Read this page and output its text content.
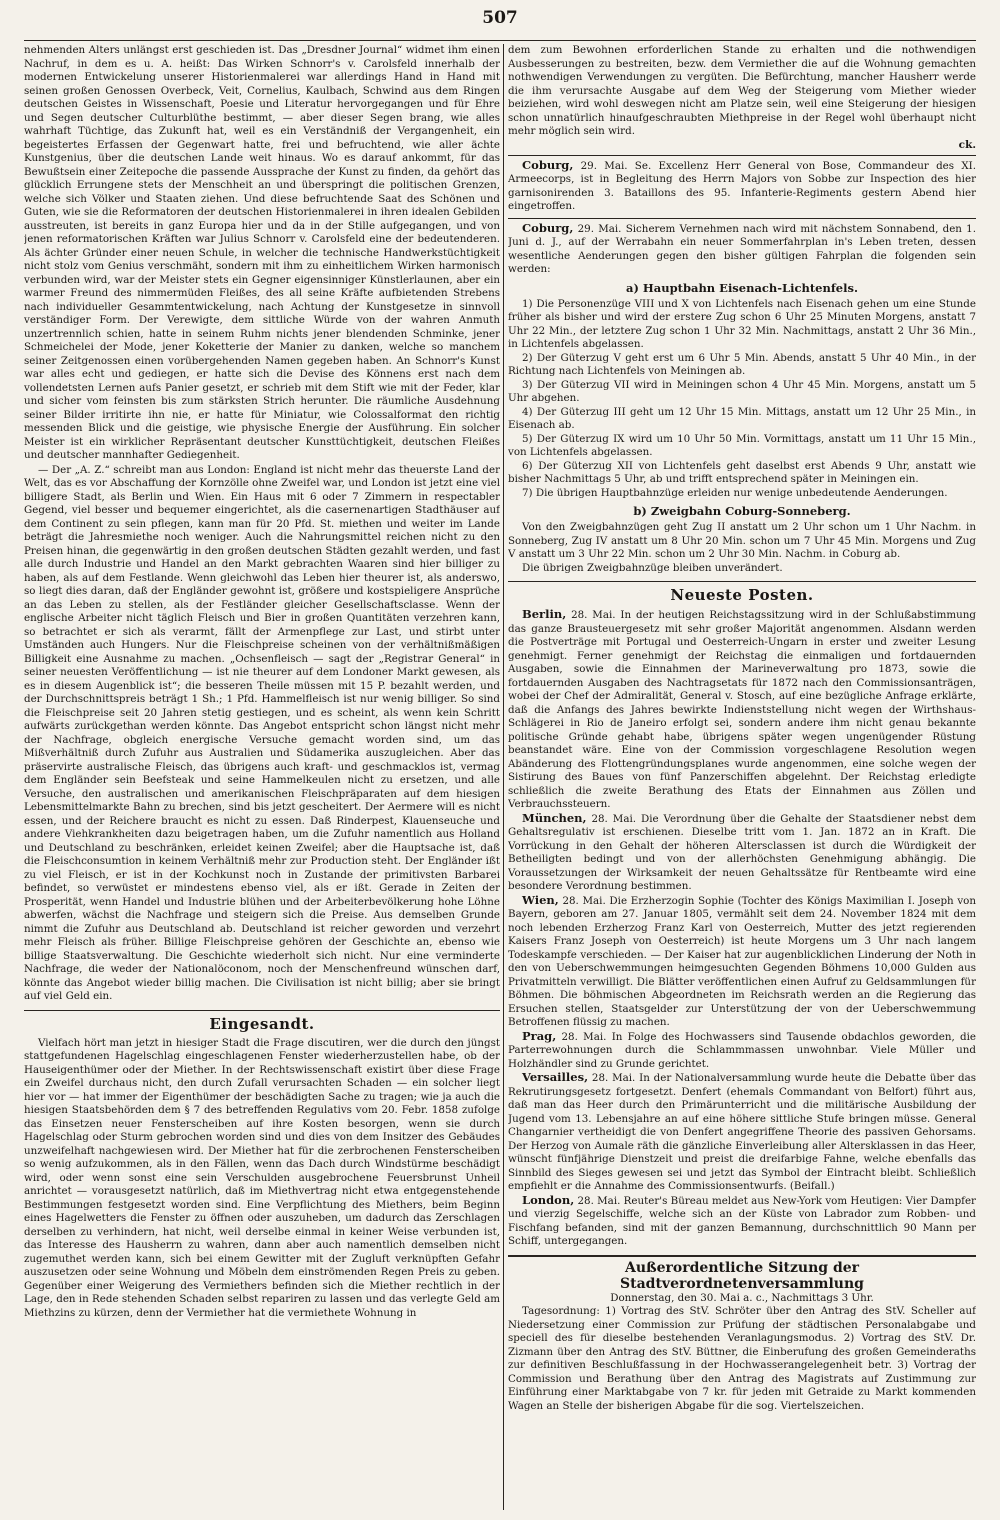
507

nehmenden Alters unlängst erst geschieden ist. Das „Dresdner Journal“ widmet ihm einen Nachruf, in dem es u. A. heißt: Das Wirken Schnorr's v. Carolsfeld innerhalb der modernen Entwickelung unserer Historienmalerei war allerdings Hand in Hand mit seinen großen Genossen Overbeck, Veit, Cornelius, Kaulbach, Schwind aus dem Ringen deutschen Geistes in Wissenschaft, Poesie und Literatur hervorgegangen und für Ehre und Segen deutscher Culturblüthe bestimmt, — aber dieser Segen brang, wie alles wahrhaft Tüchtige, das Zukunft hat, weil es ein Verständniß der Vergangenheit, ein begeistertes Erfassen der Gegenwart hatte, frei und befruchtend, wie aller ächte Kunstgenius, über die deutschen Lande weit hinaus. Wo es darauf ankommt, für das Bewußtsein einer Zeitepoche die passende Aussprache der Kunst zu finden, da gehört das glücklich Errungene stets der Menschheit an und überspringt die politischen Grenzen, welche sich Völker und Staaten ziehen. Und diese befruchtende Saat des Schönen und Guten, wie sie die Reformatoren der deutschen Historienmalerei in ihren idealen Gebilden ausstreuten, ist bereits in ganz Europa hier und da in der Stille aufgegangen, und von jenen reformatorischen Kräften war Julius Schnorr v. Carolsfeld eine der bedeutenderen. Als ächter Gründer einer neuen Schule, in welcher die technische Handwerkstüchtigkeit nicht stolz vom Genius verschmäht, sondern mit ihm zu einheitlichem Wirken harmonisch verbunden wird, war der Meister stets ein Gegner eigensinniger Künstlerlaunen, aber ein warmer Freund des nimmermüden Fleißes, des all seine Kräfte aufbietenden Strebens nach individueller Gesammtentwickelung, nach Achtung der Kunstgesetze in sinnvoll verständiger Form. Der Verewigte, dem sittliche Würde von der wahren Anmuth unzertrennlich schien, hatte in seinem Ruhm nichts jener blendenden Schminke, jener Schmeichelei der Mode, jener Koketterie der Manier zu danken, welche so manchem seiner Zeitgenossen einen vorübergehenden Namen gegeben haben. An Schnorr's Kunst war alles echt und gediegen, er hatte sich die Devise des Könnens erst nach dem vollendetsten Lernen aufs Panier gesetzt, er schrieb mit dem Stift wie mit der Feder, klar und sicher vom feinsten bis zum stärksten Strich herunter. Die räumliche Ausdehnung seiner Bilder irritirte ihn nie, er hatte für Miniatur, wie Colossalformat den richtig messenden Blick und die geistige, wie physische Energie der Ausführung. Ein solcher Meister ist ein wirklicher Repräsentant deutscher Kunsttüchtigkeit, deutschen Fleißes und deutscher mannhafter Gediegenheit.

— Der „A. Z.“ schreibt man aus London: England ist nicht mehr das theuerste Land der Welt, das es vor Abschaffung der Kornzölle ohne Zweifel war, und London ist jetzt eine viel billigere Stadt, als Berlin und Wien. Ein Haus mit 6 oder 7 Zimmern in respectabler Gegend, viel besser und bequemer eingerichtet, als die casernenartigen Stadthäuser auf dem Continent zu sein pflegen, kann man für 20 Pfd. St. miethen und weiter im Lande beträgt die Jahresmiethe noch weniger. Auch die Nahrungsmittel reichen nicht zu den Preisen hinan, die gegenwärtig in den großen deutschen Städten gezahlt werden, und fast alle durch Industrie und Handel an den Markt gebrachten Waaren sind hier billiger zu haben, als auf dem Festlande. Wenn gleichwohl das Leben hier theurer ist, als anderswo, so liegt dies daran, daß der Engländer gewohnt ist, größere und kostspieligere Ansprüche an das Leben zu stellen, als der Festländer gleicher Gesellschaftsclasse. Wenn der englische Arbeiter nicht täglich Fleisch und Bier in großen Quantitäten verzehren kann, so betrachtet er sich als verarmt, fällt der Armenpflege zur Last, und stirbt unter Umständen auch Hungers. Nur die Fleischpreise scheinen von der verhältnißmäßigen Billigkeit eine Ausnahme zu machen. „Ochsenfleisch — sagt der „Registrar General“ in seiner neuesten Veröffentlichung — ist nie theurer auf dem Londoner Markt gewesen, als es in diesem Augenblick ist“; die besseren Theile müssen mit 15 P. bezahlt werden, und der Durchschnittspreis beträgt 1 Sh.; 1 Pfd. Hammelfleisch ist nur wenig billiger. So sind die Fleischpreise seit 20 Jahren stetig gestiegen, und es scheint, als wenn kein Schritt aufwärts zurückgethan werden könnte. Das Angebot entspricht schon längst nicht mehr der Nachfrage, obgleich energische Versuche gemacht worden sind, um das Mißverhältniß durch Zufuhr aus Australien und Südamerika auszugleichen. Aber das präservirte australische Fleisch, das übrigens auch kraft- und geschmacklos ist, vermag dem Engländer sein Beefsteak und seine Hammelkeulen nicht zu ersetzen, und alle Versuche, den australischen und amerikanischen Fleischpräparaten auf dem hiesigen Lebensmittelmarkte Bahn zu brechen, sind bis jetzt gescheitert. Der Aermere will es nicht essen, und der Reichere braucht es nicht zu essen. Daß Rinderpest, Klauenseuche und andere Viehkrankheiten dazu beigetragen haben, um die Zufuhr namentlich aus Holland und Deutschland zu beschränken, erleidet keinen Zweifel; aber die Hauptsache ist, daß die Fleischconsumtion in keinem Verhältniß mehr zur Production steht. Der Engländer ißt zu viel Fleisch, er ist in der Kochkunst noch in Zustande der primitivsten Barbarei befindet, so verwüstet er mindestens ebenso viel, als er ißt. Gerade in Zeiten der Prosperität, wenn Handel und Industrie blühen und der Arbeiterbevölkerung hohe Löhne abwerfen, wächst die Nachfrage und steigern sich die Preise. Aus demselben Grunde nimmt die Zufuhr aus Deutschland ab. Deutschland ist reicher geworden und verzehrt mehr Fleisch als früher. Billige Fleischpreise gehören der Geschichte an, ebenso wie billige Staatsverwaltung. Die Geschichte wiederholt sich nicht. Nur eine verminderte Nachfrage, die weder der Nationalöconom, noch der Menschenfreund wünschen darf, könnte das Angebot wieder billig machen. Die Civilisation ist nicht billig; aber sie bringt auf viel Geld ein.

Eingesandt.

Vielfach hört man jetzt in hiesiger Stadt die Frage discutiren, wer die durch den jüngst stattgefundenen Hagelschlag eingeschlagenen Fenster wiederherzustellen habe, ob der Hauseigenthümer oder der Miether. In der Rechtswissenschaft existirt über diese Frage ein Zweifel durchaus nicht, den durch Zufall verursachten Schaden — ein solcher liegt hier vor — hat immer der Eigenthümer der beschädigten Sache zu tragen; wie ja auch die hiesigen Staatsbehörden dem § 7 des betreffenden Regulativs vom 20. Febr. 1858 zufolge das Einsetzen neuer Fensterscheiben auf ihre Kosten besorgen, wenn sie durch Hagelschlag oder Sturm gebrochen worden sind und dies von dem Insitzer des Gebäudes unzweifelhaft nachgewiesen wird. Der Miether hat für die zerbrochenen Fensterscheiben so wenig aufzukommen, als in den Fällen, wenn das Dach durch Windstürme beschädigt wird, oder wenn sonst eine sein Verschulden ausgebrochene Feuersbrunst Unheil anrichtet — vorausgesetzt natürlich, daß im Miethvertrag nicht etwa entgegenstehende Bestimmungen festgesetzt worden sind. Eine Verpflichtung des Miethers, beim Beginn eines Hagelwetters die Fenster zu öffnen oder auszuheben, um dadurch das Zerschlagen derselben zu verhindern, hat nicht, weil derselbe einmal in keiner Weise verbunden ist, das Interesse des Hausherrn zu wahren, dann aber auch namentlich demselben nicht zugemuthet werden kann, sich bei einem Gewitter mit der Zugluft verknüpften Gefahr auszusetzen oder seine Wohnung und Möbeln dem einströmenden Regen Preis zu geben. Gegenüber einer Weigerung des Vermiethers befinden sich die Miether rechtlich in der Lage, den in Rede stehenden Schaden selbst repariren zu lassen und das verlegte Geld am Miethzins zu kürzen, denn der Vermiether hat die vermiethete Wohnung in

dem zum Bewohnen erforderlichen Stande zu erhalten und die nothwendigen Ausbesserungen zu bestreiten, bezw. dem Vermiether die auf die Wohnung gemachten nothwendigen Verwendungen zu vergüten. Die Befürchtung, mancher Hausherr werde die ihm verursachte Ausgabe auf dem Weg der Steigerung vom Miether wieder beiziehen, wird wohl deswegen nicht am Platze sein, weil eine Steigerung der hiesigen schon unnatürlich hinaufgeschraubten Miethpreise in der Regel wohl überhaupt nicht mehr möglich sein wird.

ck.

Coburg, 29. Mai. Se. Excellenz Herr General von Bose, Commandeur des XI. Armeecorps, ist in Begleitung des Herrn Majors von Sobbe zur Inspection des hier garnisonirenden 3. Bataillons des 95. Infanterie-Regiments gestern Abend hier eingetroffen.

Coburg, 29. Mai. Sicherem Vernehmen nach wird mit nächstem Sonnabend, den 1. Juni d. J., auf der Werrabahn ein neuer Sommerfahrplan in's Leben treten, dessen wesentliche Aenderungen gegen den bisher gültigen Fahrplan die folgenden sein werden:

a) Hauptbahn Eisenach-Lichtenfels.

1) Die Personenzüge VIII und X von Lichtenfels nach Eisenach gehen um eine Stunde früher als bisher und wird der erstere Zug schon 6 Uhr 25 Minuten Morgens, anstatt 7 Uhr 22 Min., der letztere Zug schon 1 Uhr 32 Min. Nachmittags, anstatt 2 Uhr 36 Min., in Lichtenfels abgelassen.

2) Der Güterzug V geht erst um 6 Uhr 5 Min. Abends, anstatt 5 Uhr 40 Min., in der Richtung nach Lichtenfels von Meiningen ab.

3) Der Güterzug VII wird in Meiningen schon 4 Uhr 45 Min. Morgens, anstatt um 5 Uhr abgehen.

4) Der Güterzug III geht um 12 Uhr 15 Min. Mittags, anstatt um 12 Uhr 25 Min., in Eisenach ab.

5) Der Güterzug IX wird um 10 Uhr 50 Min. Vormittags, anstatt um 11 Uhr 15 Min., von Lichtenfels abgelassen.

6) Der Güterzug XII von Lichtenfels geht daselbst erst Abends 9 Uhr, anstatt wie bisher Nachmittags 5 Uhr, ab und trifft entsprechend später in Meiningen ein.

7) Die übrigen Hauptbahnzüge erleiden nur wenige unbedeutende Aenderungen.

b) Zweigbahn Coburg-Sonneberg.

Von den Zweigbahnzügen geht Zug II anstatt um 2 Uhr schon um 1 Uhr Nachm. in Sonneberg, Zug IV anstatt um 8 Uhr 20 Min. schon um 7 Uhr 45 Min. Morgens und Zug V anstatt um 3 Uhr 22 Min. schon um 2 Uhr 30 Min. Nachm. in Coburg ab.

Die übrigen Zweigbahnzüge bleiben unverändert.

Neueste Posten.

Berlin, 28. Mai. In der heutigen Reichstagssitzung wird in der Schlußabstimmung das ganze Brausteuergesetz mit sehr großer Majorität angenommen. Alsdann werden die Postverträge mit Portugal und Oesterreich-Ungarn in erster und zweiter Lesung genehmigt. Ferner genehmigt der Reichstag die einmaligen und fortdauernden Ausgaben, sowie die Einnahmen der Marineverwaltung pro 1873, sowie die fortdauernden Ausgaben des Nachtragsetats für 1872 nach den Commissionsanträgen, wobei der Chef der Admiralität, General v. Stosch, auf eine bezügliche Anfrage erklärte, daß die Anfangs des Jahres bewirkte Indienststellung nicht wegen der Wirthshaus-Schlägerei in Rio de Janeiro erfolgt sei, sondern andere ihm nicht genau bekannte politische Gründe gehabt habe, übrigens später wegen ungenügender Rüstung beanstandet wäre. Eine von der Commission vorgeschlagene Resolution wegen Abänderung des Flottengründungsplanes wurde angenommen, eine solche wegen der Sistirung des Baues von fünf Panzerschiffen abgelehnt. Der Reichstag erledigte schließlich die zweite Berathung des Etats der Einnahmen aus Zöllen und Verbrauchssteuern.

München, 28. Mai. Die Verordnung über die Gehalte der Staatsdiener nebst dem Gehaltsregulativ ist erschienen. Dieselbe tritt vom 1. Jan. 1872 an in Kraft. Die Vorrückung in den Gehalt der höheren Altersclassen ist durch die Würdigkeit der Betheiligten bedingt und von der allerhöchsten Genehmigung abhängig. Die Voraussetzungen der Wirksamkeit der neuen Gehaltssätze für Rentbeamte wird eine besondere Verordnung bestimmen.

Wien, 28. Mai. Die Erzherzogin Sophie (Tochter des Königs Maximilian I. Joseph von Bayern, geboren am 27. Januar 1805, vermählt seit dem 24. November 1824 mit dem noch lebenden Erzherzog Franz Karl von Oesterreich, Mutter des jetzt regierenden Kaisers Franz Joseph von Oesterreich) ist heute Morgens um 3 Uhr nach langem Todeskampfe verschieden. — Der Kaiser hat zur augenblicklichen Linderung der Noth in den von Ueberschwemmungen heimgesuchten Gegenden Böhmens 10,000 Gulden aus Privatmitteln verwilligt. Die Blätter veröffentlichen einen Aufruf zu Geldsammlungen für Böhmen. Die böhmischen Abgeordneten im Reichsrath werden an die Regierung das Ersuchen stellen, Staatsgelder zur Unterstützung der von der Ueberschwemmung Betroffenen flüssig zu machen.

Prag, 28. Mai. In Folge des Hochwassers sind Tausende obdachlos geworden, die Parterrewohnungen durch die Schlammmassen unwohnbar. Viele Müller und Holzhändler sind zu Grunde gerichtet.

Versailles, 28. Mai. In der Nationalversammlung wurde heute die Debatte über das Rekrutirungsgesetz fortgesetzt. Denfert (ehemals Commandant von Belfort) führt aus, daß man das Heer durch den Primärunterricht und die militärische Ausbildung der Jugend vom 13. Lebensjahre an auf eine höhere sittliche Stufe bringen müsse. General Changarnier vertheidigt die von Denfert angegriffene Theorie des passiven Gehorsams. Der Herzog von Aumale räth die gänzliche Einverleibung aller Altersklassen in das Heer, wünscht fünfjährige Dienstzeit und preist die dreifarbige Fahne, welche ebenfalls das Sinnbild des Sieges gewesen sei und jetzt das Symbol der Eintracht bleibt. Schließlich empfiehlt er die Annahme des Commissionsentwurfs. (Beifall.)

London, 28. Mai. Reuter's Büreau meldet aus New-York vom Heutigen: Vier Dampfer und vierzig Segelschiffe, welche sich an der Küste von Labrador zum Robben- und Fischfang befanden, sind mit der ganzen Bemannung, durchschnittlich 90 Mann per Schiff, untergegangen.

Außerordentliche Sitzung der Stadtverordnetenversammlung
Donnerstag, den 30. Mai a. c., Nachmittags 3 Uhr.

Tagesordnung: 1) Vortrag des StV. Schröter über den Antrag des StV. Scheller auf Niedersetzung einer Commission zur Prüfung der städtischen Personalabgabe und speciell des für dieselbe bestehenden Veranlagungsmodus. 2) Vortrag des StV. Dr. Zizmann über den Antrag des StV. Büttner, die Einberufung des großen Gemeinderaths zur definitiven Beschlußfassung in der Hochwasserangelegenheit betr. 3) Vortrag der Commission und Berathung über den Antrag des Magistrats auf Zustimmung zur Einführung einer Marktabgabe von 7 kr. für jeden mit Getraide zu Markt kommenden Wagen an Stelle der bisherigen Abgabe für die sog. Viertelszeichen.
